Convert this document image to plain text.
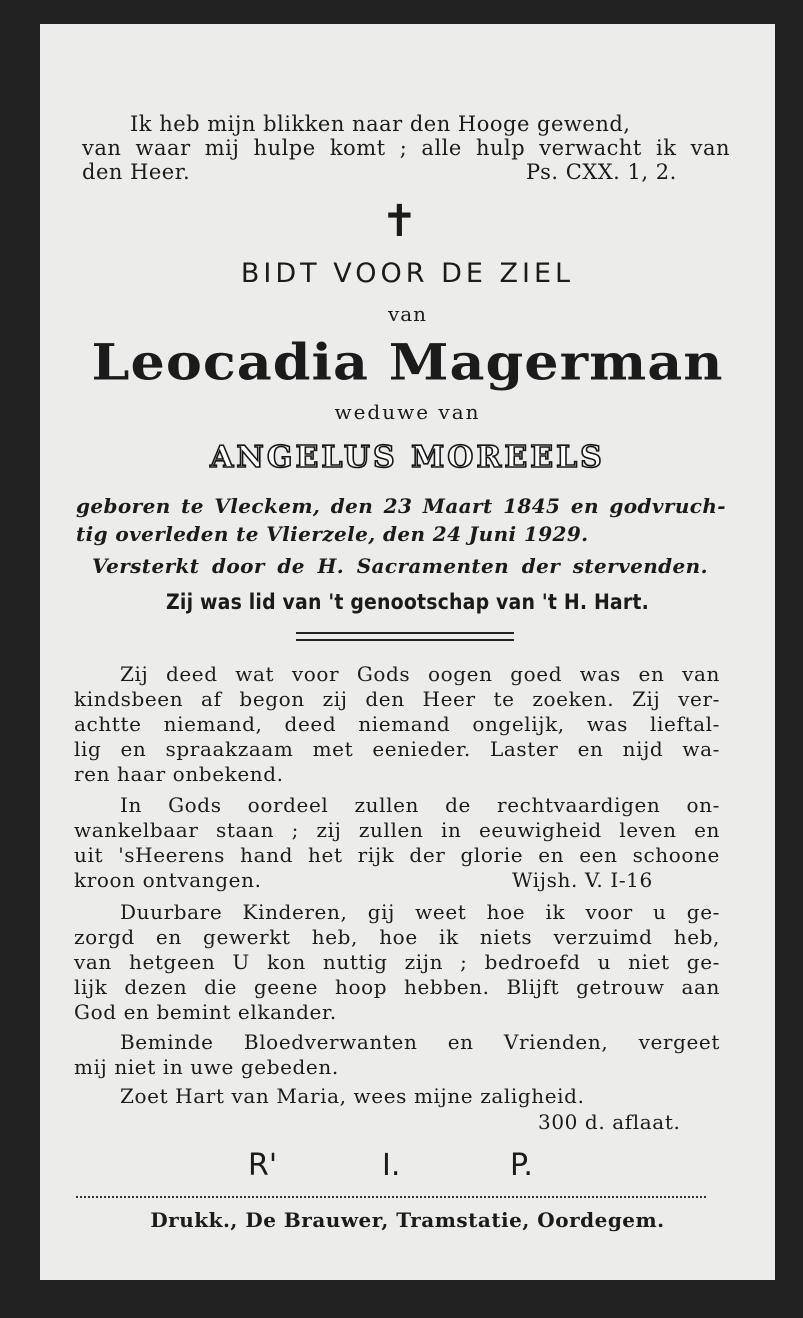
Ik heb mijn blikken naar den Hooge gewend,
van waar mij hulpe komt ; alle hulp verwacht ik van
den Heer.	Ps. CXX. 1, 2.
✝
BIDT VOOR DE ZIEL
van
Leocadia Magerman
weduwe van
ANGELUS MOREELS
geboren te Vleckem, den 23 Maart 1845 en godvruch-
tig overleden te Vlierzele, den 24 Juni 1929.
Versterkt door de H. Sacramenten der stervenden.
Zij was lid van 't genootschap van 't H. Hart.
Zij deed wat voor Gods oogen goed was en van
kindsbeen af begon zij den Heer te zoeken. Zij ver-
achtte niemand, deed niemand ongelijk, was lieftal-
lig en spraakzaam met eenieder. Laster en nijd wa-
ren haar onbekend.
In Gods oordeel zullen de rechtvaardigen on-
wankelbaar staan ; zij zullen in eeuwigheid leven en
uit 'sHeerens hand het rijk der glorie en een schoone
kroon ontvangen.	Wijsh. V. I-16
Duurbare Kinderen, gij weet hoe ik voor u ge-
zorgd en gewerkt heb, hoe ik niets verzuimd heb,
van hetgeen U kon nuttig zijn ; bedroefd u niet ge-
lijk dezen die geene hoop hebben. Blijft getrouw aan
God en bemint elkander.
Beminde Bloedverwanten en Vrienden, vergeet
mij niet in uwe gebeden.
Zoet Hart van Maria, wees mijne zaligheid.
300 d. aflaat.
R'	I.	P.
Drukk., De Brauwer, Tramstatie, Oordegem.
